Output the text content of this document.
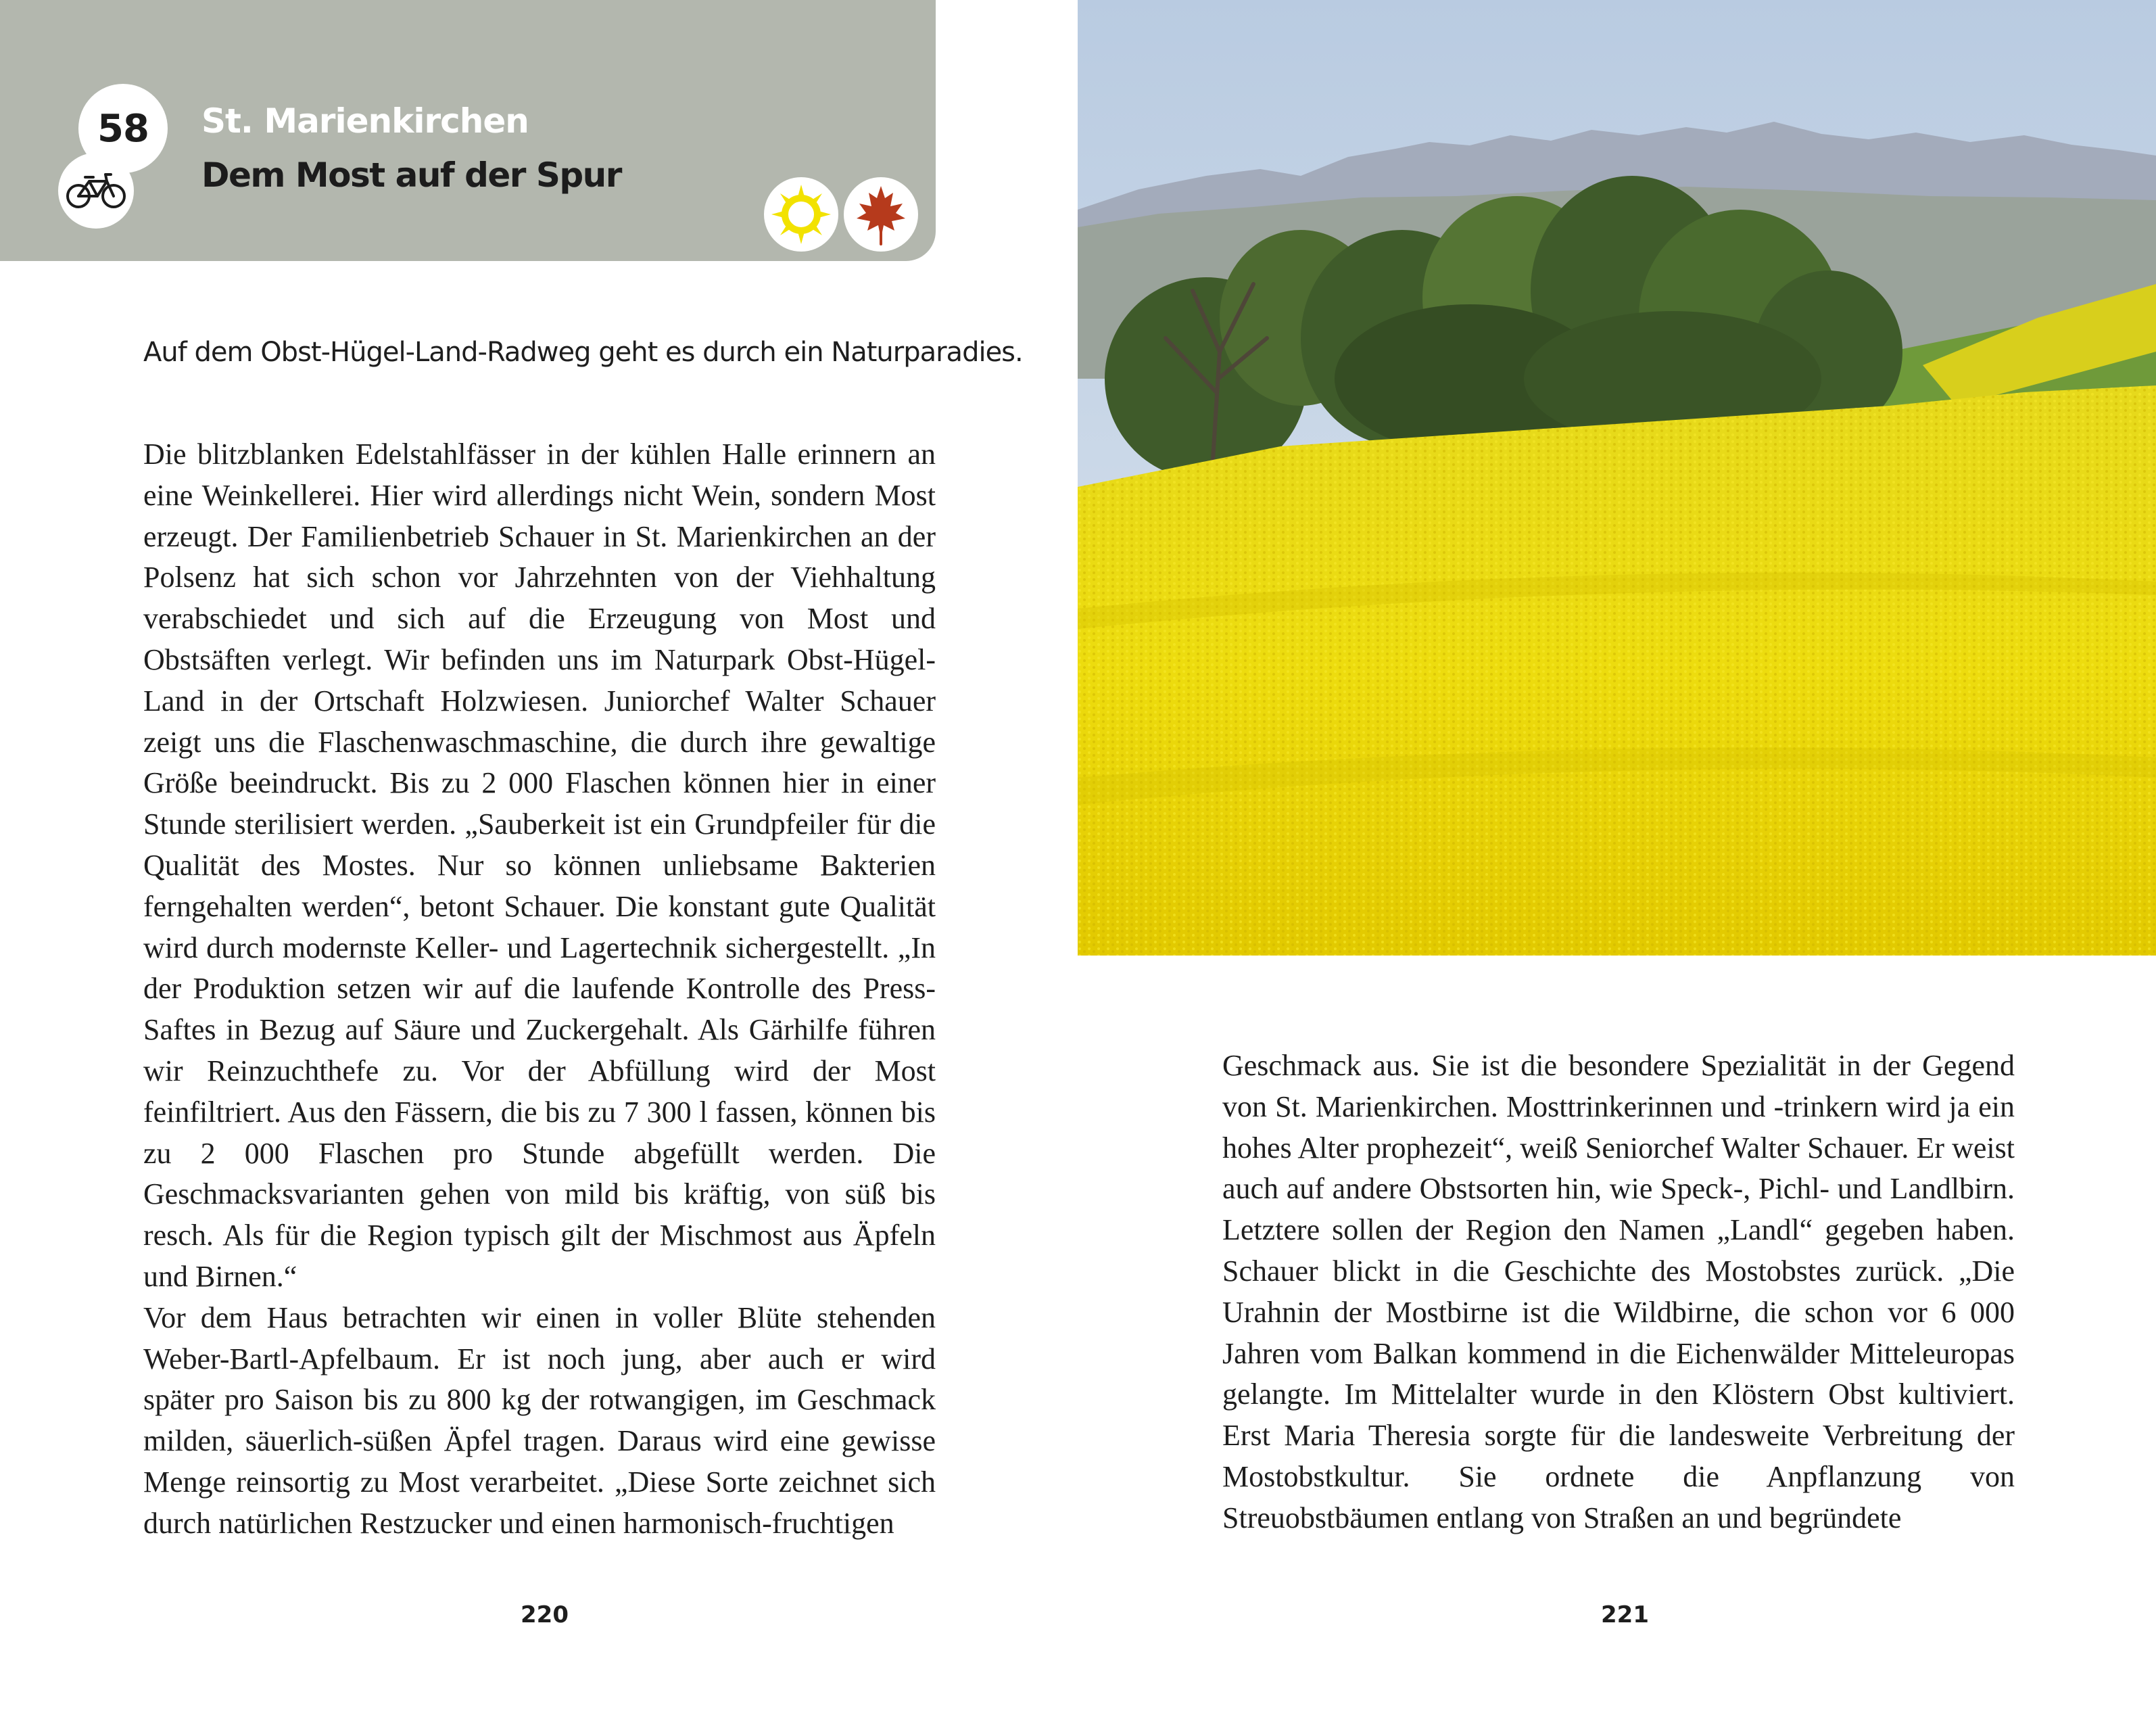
58 St. Marienkirchen
Dem Most auf der Spur

Auf dem Obst-Hügel-Land-Radweg geht es durch ein Naturparadies.

Die blitzblanken Edelstahlfässer in der kühlen Halle erinnern an eine Weinkellerei. Hier wird allerdings nicht Wein, sondern Most erzeugt. Der Familienbetrieb Schauer in St. Marienkirchen an der Polsenz hat sich schon vor Jahrzehnten von der Viehhaltung verabschiedet und sich auf die Erzeugung von Most und Obstsäften verlegt. Wir befinden uns im Naturpark Obst-Hügel-Land in der Ortschaft Holzwiesen. Juniorchef Walter Schauer zeigt uns die Flaschenwaschmaschine, die durch ihre gewaltige Größe beeindruckt. Bis zu 2 000 Flaschen können hier in einer Stunde sterilisiert werden. „Sauberkeit ist ein Grundpfeiler für die Qualität des Mostes. Nur so können unliebsame Bakterien ferngehalten werden“, betont Schauer. Die konstant gute Qualität wird durch modernste Keller- und Lagertechnik sichergestellt. „In der Produktion setzen wir auf die laufende Kontrolle des Press-Saftes in Bezug auf Säure und Zuckergehalt. Als Gärhilfe führen wir Reinzuchthefe zu. Vor der Abfüllung wird der Most feinfiltriert. Aus den Fässern, die bis zu 7 300 l fassen, können bis zu 2 000 Flaschen pro Stunde abgefüllt werden. Die Geschmacksvarianten gehen von mild bis kräftig, von süß bis resch. Als für die Region typisch gilt der Mischmost aus Äpfeln und Birnen.“

Vor dem Haus betrachten wir einen in voller Blüte stehenden Weber-Bartl-Apfelbaum. Er ist noch jung, aber auch er wird später pro Saison bis zu 800 kg der rotwangigen, im Geschmack milden, säuerlich-süßen Äpfel tragen. Daraus wird eine gewisse Menge reinsortig zu Most verarbeitet. „Diese Sorte zeichnet sich durch natürlichen Restzucker und einen harmonisch-fruchtigen

Geschmack aus. Sie ist die besondere Spezialität in der Gegend von St. Marienkirchen. Mosttrinkerinnen und -trinkern wird ja ein hohes Alter prophezeit“, weiß Seniorchef Walter Schauer. Er weist auch auf andere Obstsorten hin, wie Speck-, Pichl- und Landlbirn. Letztere sollen der Region den Namen „Landl“ gegeben haben. Schauer blickt in die Geschichte des Mostobstes zurück. „Die Urahnin der Mostbirne ist die Wildbirne, die schon vor 6 000 Jahren vom Balkan kommend in die Eichenwälder Mitteleuropas gelangte. Im Mittelalter wurde in den Klöstern Obst kultiviert. Erst Maria Theresia sorgte für die landesweite Verbreitung der Mostobstkultur. Sie ordnete die Anpflanzung von Streuobstbäumen entlang von Straßen an und begründete

220	221
